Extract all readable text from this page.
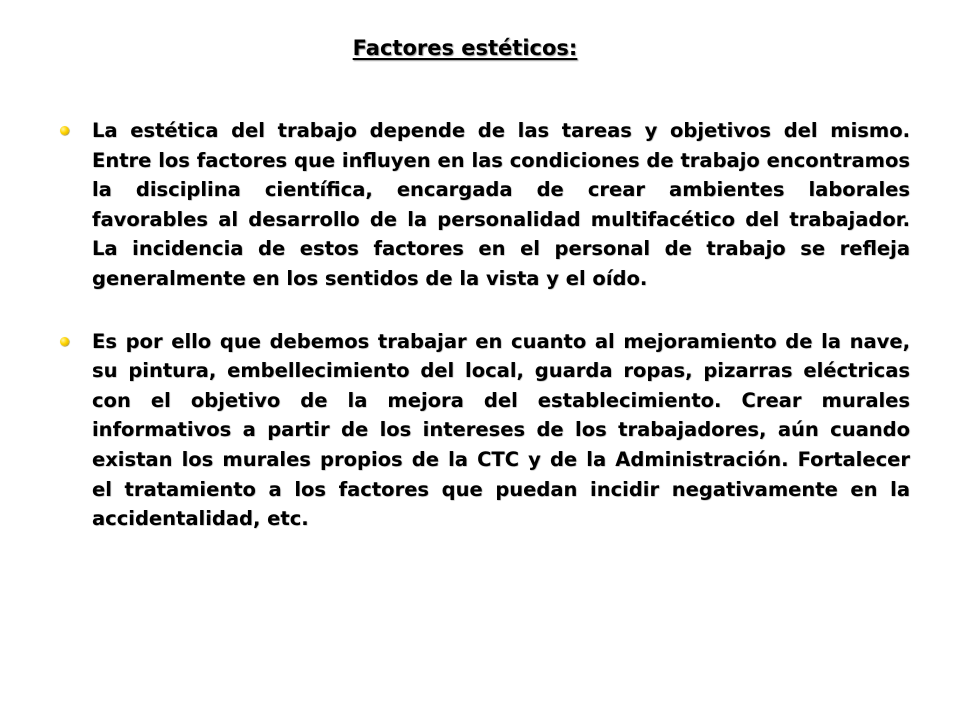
Factores estéticos:
La estética del trabajo depende de las tareas y objetivos del mismo. Entre los factores que influyen en las condiciones de trabajo encontramos la disciplina científica, encargada de crear ambientes laborales favorables al desarrollo de la personalidad multifacético del trabajador. La incidencia de estos factores en el personal de trabajo se refleja generalmente en los sentidos de la vista y el oído.
Es por ello que debemos trabajar en cuanto al mejoramiento de la nave, su pintura, embellecimiento del local, guarda ropas, pizarras eléctricas con el objetivo de la mejora del establecimiento. Crear murales informativos a partir de los intereses de los trabajadores, aún cuando existan los murales propios de la CTC y de la Administración. Fortalecer el tratamiento a los factores que puedan incidir negativamente en la accidentalidad, etc.
